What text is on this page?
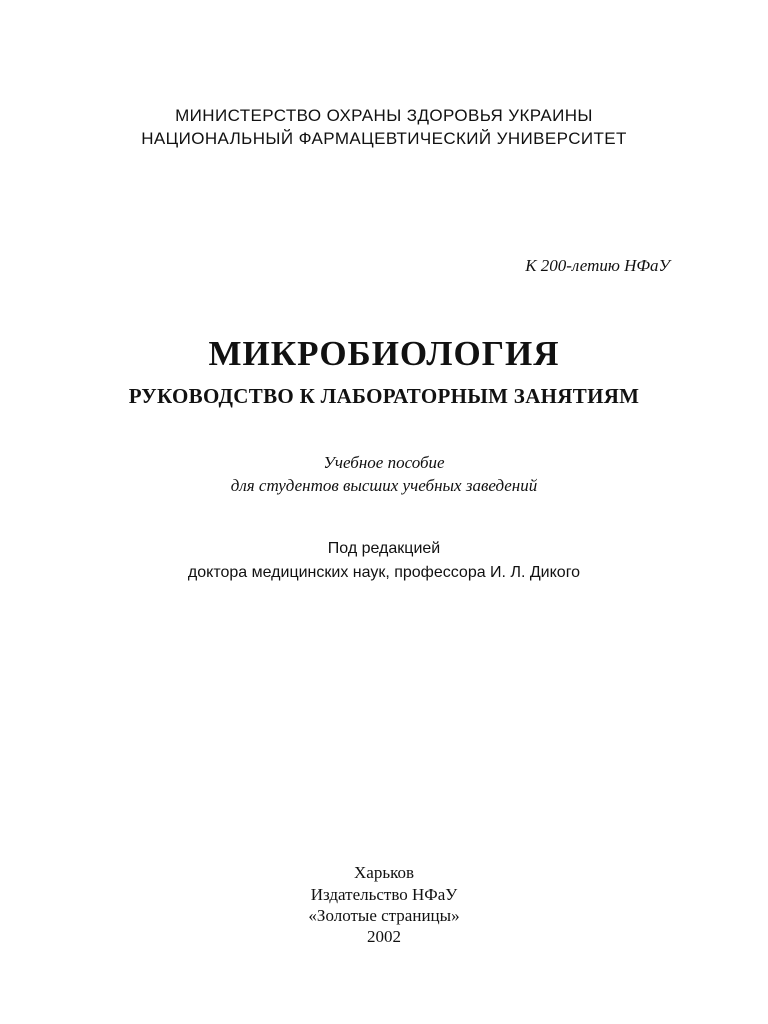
МИНИСТЕРСТВО ОХРАНЫ ЗДОРОВЬЯ УКРАИНЫ

НАЦИОНАЛЬНЫЙ ФАРМАЦЕВТИЧЕСКИЙ УНИВЕРСИТЕТ

К 200-летию НФаУ

МИКРОБИОЛОГИЯ
РУКОВОДСТВО К ЛАБОРАТОРНЫМ ЗАНЯТИЯМ

Учебное пособие

для студентов высших учебных заведений

Под редакцией

доктора медицинских наук, профессора И. Л. Дикого

Харьков

Издательство НФаУ

«Золотые страницы»

2002
